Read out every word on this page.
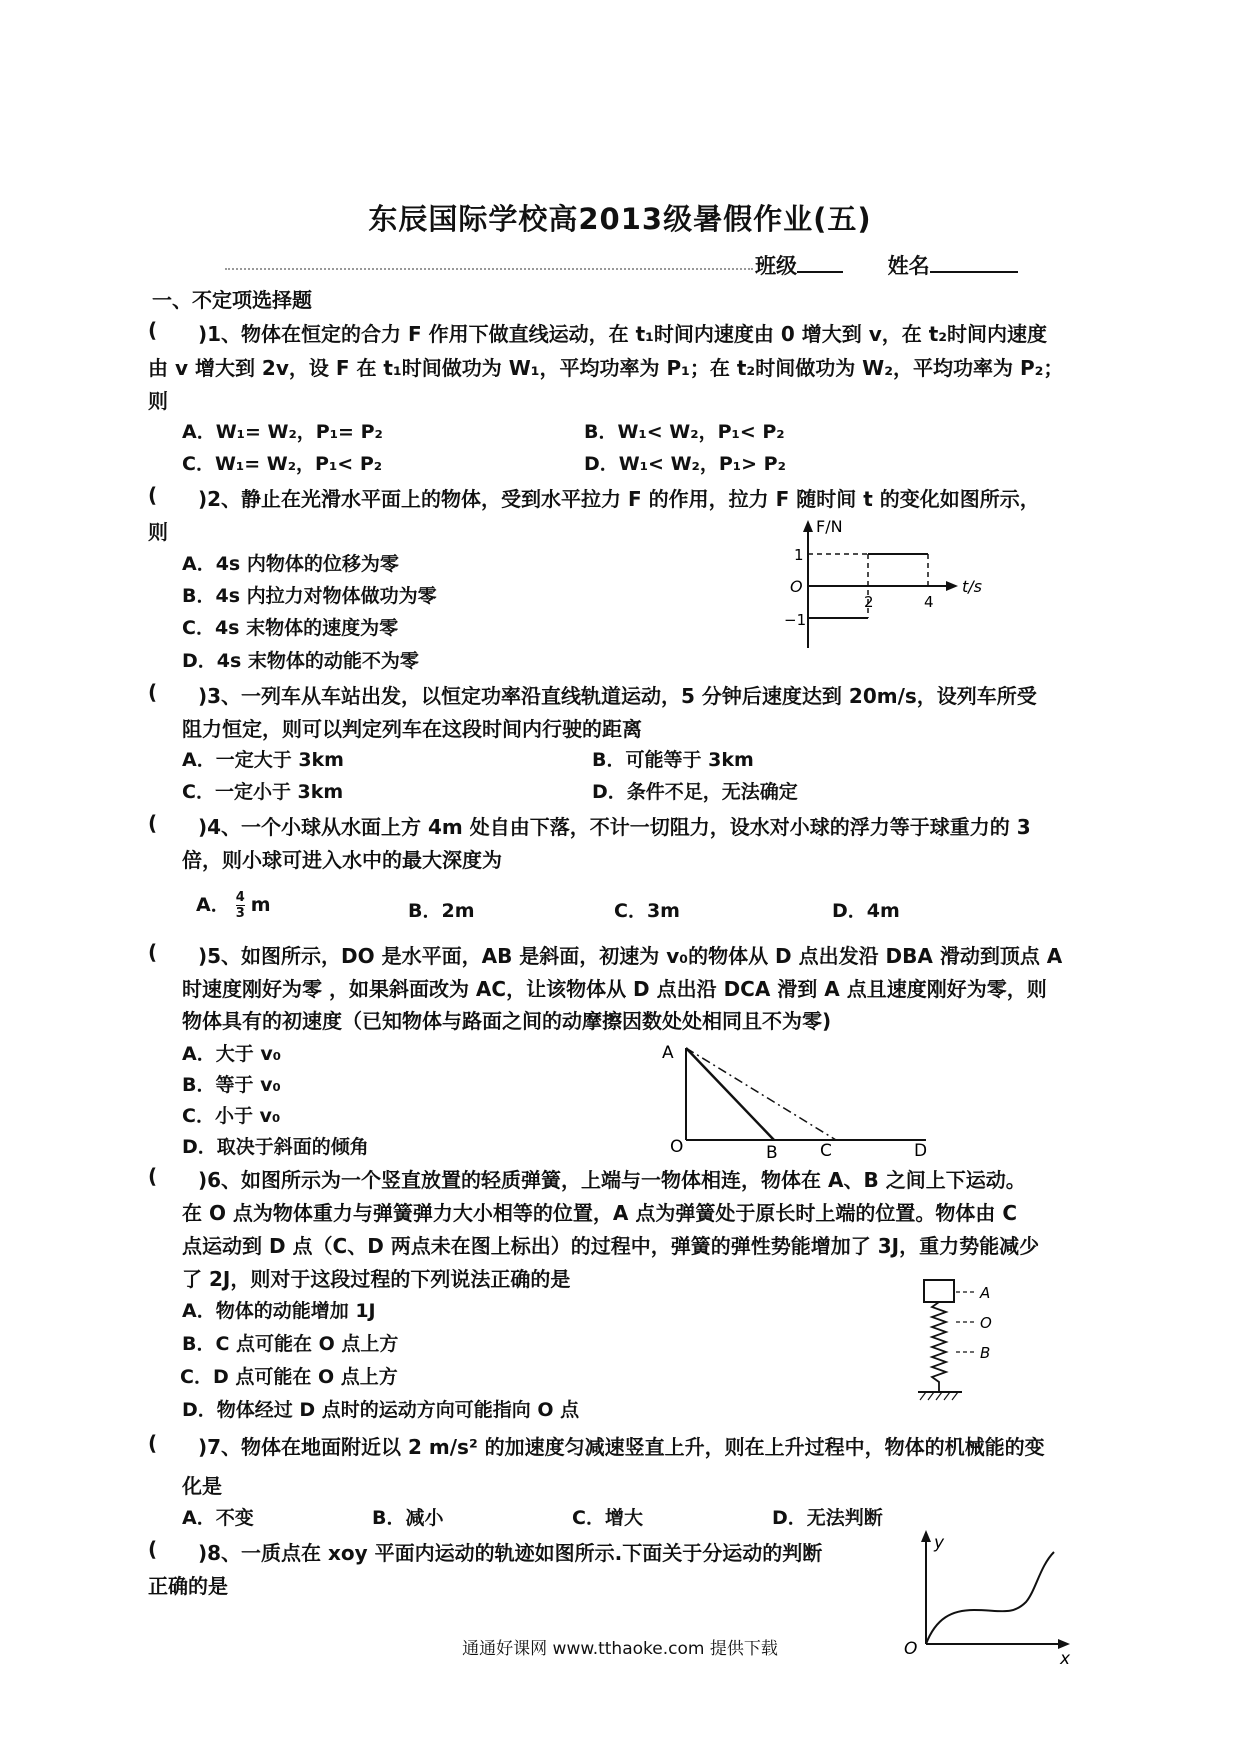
东辰国际学校高2013级暑假作业(五)
班级	姓名
一、不定项选择题
( )1、物体在恒定的合力 F 作用下做直线运动，在 t₁时间内速度由 0 增大到 v，在 t₂时间内速度
由 v 增大到 2v，设 F 在 t₁时间做功为 W₁，平均功率为 P₁；在 t₂时间做功为 W₂，平均功率为 P₂；
则
A．W₁= W₂，P₁= P₂	B．W₁< W₂，P₁< P₂
C．W₁= W₂，P₁< P₂	D．W₁< W₂，P₁> P₂
( )2、静止在光滑水平面上的物体，受到水平拉力 F 的作用，拉力 F 随时间 t 的变化如图所示，
则
A．4s 内物体的位移为零
B．4s 内拉力对物体做功为零
C．4s 末物体的速度为零
D．4s 末物体的动能不为零
F/N
t/s
O
1
−1
2	4
( )3、一列车从车站出发，以恒定功率沿直线轨道运动，5 分钟后速度达到 20m/s，设列车所受
阻力恒定，则可以判定列车在这段时间内行驶的距离
A．一定大于 3km	B．可能等于 3km
C．一定小于 3km	D．条件不足，无法确定
( )4、一个小球从水面上方 4m 处自由下落，不计一切阻力，设水对小球的浮力等于球重力的 3
倍，则小球可进入水中的最大深度为
A． $\frac{4}{3}$ m	B．2m	C．3m	D．4m
( )5、如图所示，DO 是水平面，AB 是斜面，初速为 v₀的物体从 D 点出发沿 DBA 滑动到顶点 A
时速度刚好为零 ，如果斜面改为 AC，让该物体从 D 点出沿 DCA 滑到 A 点且速度刚好为零，则
物体具有的初速度（已知物体与路面之间的动摩擦因数处处相同且不为零)
A．大于 v₀
B．等于 v₀
C．小于 v₀
D．取决于斜面的倾角
A
O	B C	D
( )6、如图所示为一个竖直放置的轻质弹簧，上端与一物体相连，物体在 A、B 之间上下运动。
在 O 点为物体重力与弹簧弹力大小相等的位置，A 点为弹簧处于原长时上端的位置。物体由 C
点运动到 D 点（C、D 两点未在图上标出）的过程中，弹簧的弹性势能增加了 3J，重力势能减少
了 2J，则对于这段过程的下列说法正确的是
A．物体的动能增加 1J
B．C 点可能在 O 点上方
C．D 点可能在 O 点上方
D．物体经过 D 点时的运动方向可能指向 O 点
A
O
B
( )7、物体在地面附近以 2 m/s² 的加速度匀减速竖直上升，则在上升过程中，物体的机械能的变
化是
A．不变	B．减小	C．增大	D．无法判断
( )8、一质点在 xoy 平面内运动的轨迹如图所示.下面关于分运动的判断
正确的是
y
x
O
通通好课网 www.tthaoke.com 提供下载
